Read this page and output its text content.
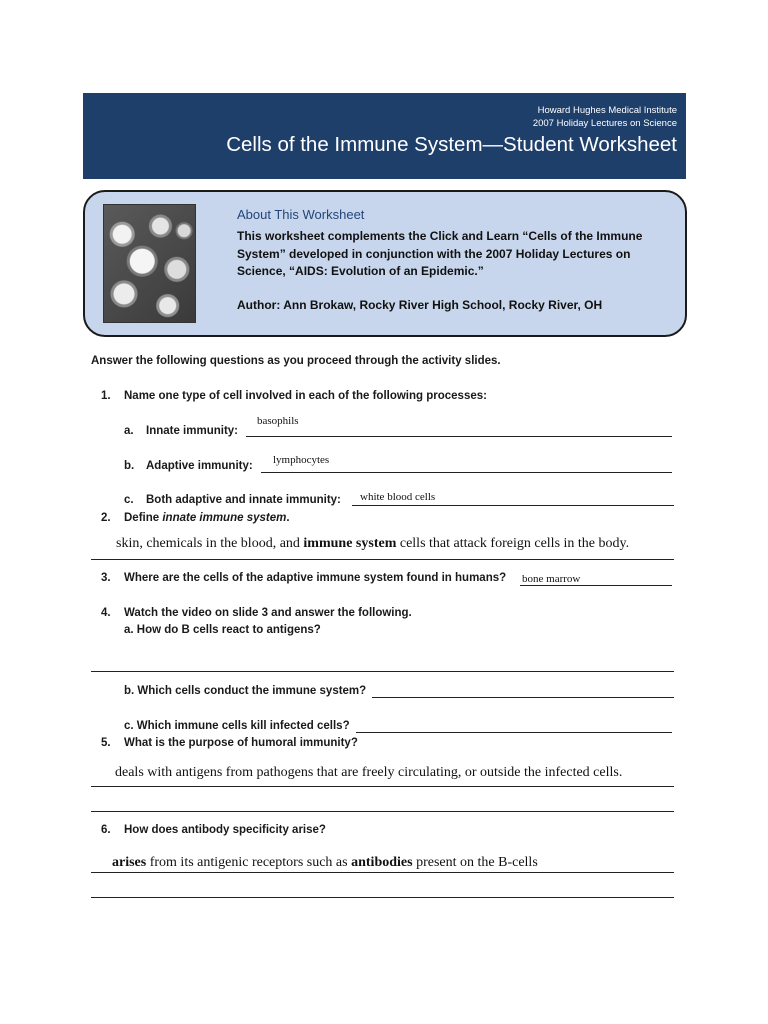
Howard Hughes Medical Institute
2007 Holiday Lectures on Science
Cells of the Immune System—Student Worksheet
About This Worksheet
This worksheet complements the Click and Learn “Cells of the Immune System” developed in conjunction with the 2007 Holiday Lectures on Science, “AIDS: Evolution of an Epidemic.”
Author: Ann Brokaw, Rocky River High School, Rocky River, OH
Answer the following questions as you proceed through the activity slides.
1. Name one type of cell involved in each of the following processes:
a. Innate immunity:
basophils
b. Adaptive immunity: lymphocytes
c. Both adaptive and innate immunity: white blood cells
2. Define innate immune system.
skin, chemicals in the blood, and immune system cells that attack foreign cells in the body.
3. Where are the cells of the adaptive immune system found in humans? bone marrow
4. Watch the video on slide 3 and answer the following.
a. How do B cells react to antigens?
b. Which cells conduct the immune system?
c. Which immune cells kill infected cells?
5. What is the purpose of humoral immunity?
deals with antigens from pathogens that are freely circulating, or outside the infected cells.
6. How does antibody specificity arise?
arises from its antigenic receptors such as antibodies present on the B-cells
